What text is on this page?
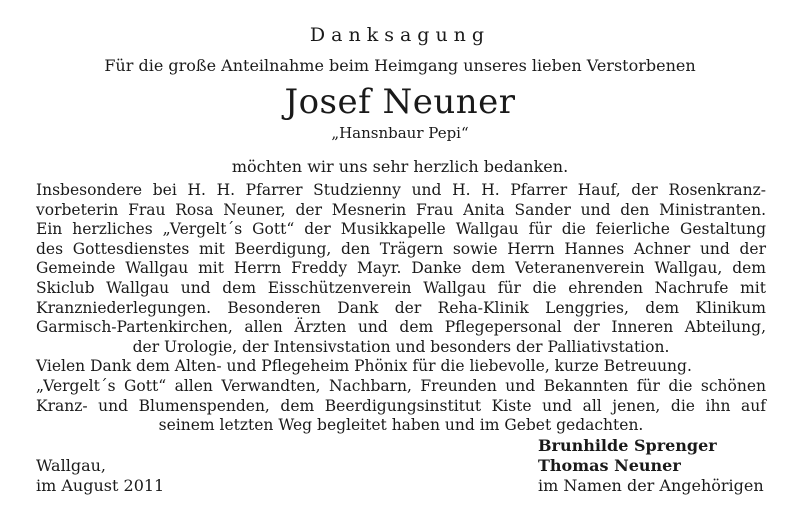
Danksagung
Für die große Anteilnahme beim Heimgang unseres lieben Verstorbenen
Josef Neuner
„Hansnbaur Pepi“
möchten wir uns sehr herzlich bedanken.
Insbesondere bei H. H. Pfarrer Studzienny und H. H. Pfarrer Hauf, der Rosenkranz-
vorbeterin Frau Rosa Neuner, der Mesnerin Frau Anita Sander und den Ministranten.
Ein herzliches „Vergelt´s Gott“ der Musikkapelle Wallgau für die feierliche Gestaltung
des Gottesdienstes mit Beerdigung, den Trägern sowie Herrn Hannes Achner und der
Gemeinde Wallgau mit Herrn Freddy Mayr. Danke dem Veteranenverein Wallgau, dem
Skiclub Wallgau und dem Eisschützenverein Wallgau für die ehrenden Nachrufe mit
Kranzniederlegungen. Besonderen Dank der Reha-Klinik Lenggries, dem Klinikum
Garmisch-Partenkirchen, allen Ärzten und dem Pflegepersonal der Inneren Abteilung,
der Urologie, der Intensivstation und besonders der Palliativstation.
Vielen Dank dem Alten- und Pflegeheim Phönix für die liebevolle, kurze Betreuung.
„Vergelt´s Gott“ allen Verwandten, Nachbarn, Freunden und Bekannten für die schönen
Kranz- und Blumenspenden, dem Beerdigungsinstitut Kiste und all jenen, die ihn auf
seinem letzten Weg begleitet haben und im Gebet gedachten.
Wallgau,
im August 2011
Brunhilde Sprenger
Thomas Neuner
im Namen der Angehörigen
